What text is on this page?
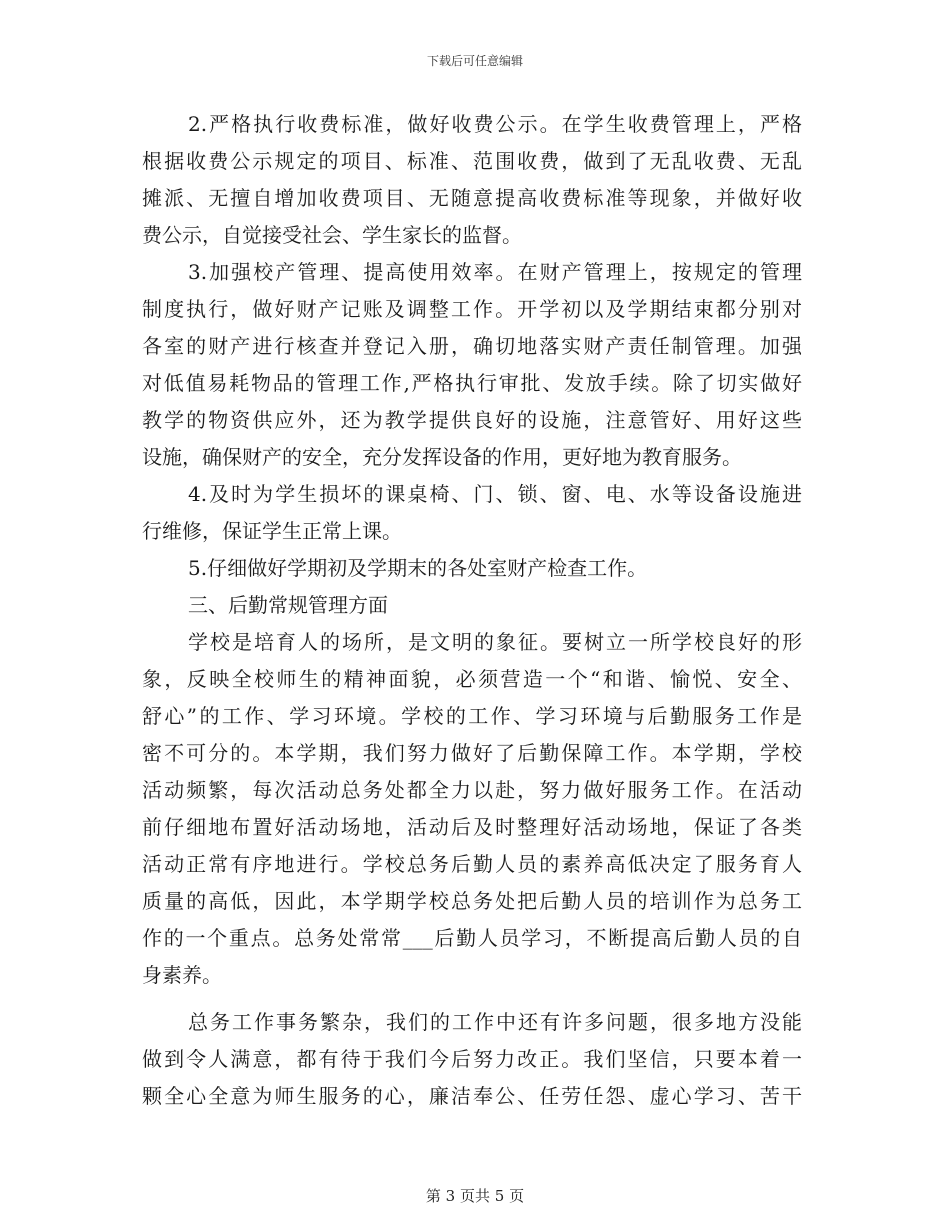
下载后可任意编辑
2.严格执行收费标准，做好收费公示。在学生收费管理上，严格
根据收费公示规定的项目、标准、范围收费，做到了无乱收费、无乱
摊派、无擅自增加收费项目、无随意提高收费标准等现象，并做好收
费公示，自觉接受社会、学生家长的监督。
3.加强校产管理、提高使用效率。在财产管理上，按规定的管理
制度执行，做好财产记账及调整工作。开学初以及学期结束都分别对
各室的财产进行核查并登记入册，确切地落实财产责任制管理。加强
对低值易耗物品的管理工作,严格执行审批、发放手续。除了切实做好
教学的物资供应外，还为教学提供良好的设施，注意管好、用好这些
设施，确保财产的安全，充分发挥设备的作用，更好地为教育服务。
4.及时为学生损坏的课桌椅、门、锁、窗、电、水等设备设施进
行维修，保证学生正常上课。
5.仔细做好学期初及学期末的各处室财产检查工作。
三、后勤常规管理方面
学校是培育人的场所，是文明的象征。要树立一所学校良好的形
象，反映全校师生的精神面貌，必须营造一个“和谐、愉悦、安全、
舒心”的工作、学习环境。学校的工作、学习环境与后勤服务工作是
密不可分的。本学期，我们努力做好了后勤保障工作。本学期，学校
活动频繁，每次活动总务处都全力以赴，努力做好服务工作。在活动
前仔细地布置好活动场地，活动后及时整理好活动场地，保证了各类
活动正常有序地进行。学校总务后勤人员的素养高低决定了服务育人
质量的高低，因此，本学期学校总务处把后勤人员的培训作为总务工
作的一个重点。总务处常常___后勤人员学习，不断提高后勤人员的自
身素养。
总务工作事务繁杂，我们的工作中还有许多问题，很多地方没能
做到令人满意，都有待于我们今后努力改正。我们坚信，只要本着一
颗全心全意为师生服务的心，廉洁奉公、任劳任怨、虚心学习、苦干
第 3 页共 5 页
